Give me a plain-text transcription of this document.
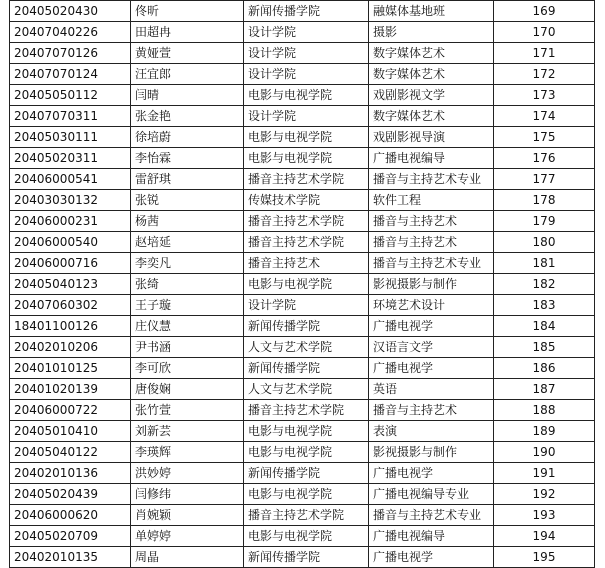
20405020430	佟昕	新闻传播学院	融媒体基地班	169
20407040226	田超冉	设计学院	摄影	170
20407070126	黄娅萱	设计学院	数字媒体艺术	171
20407070124	汪宜郎	设计学院	数字媒体艺术	172
20405050112	闫晴	电影与电视学院	戏剧影视文学	173
20407070311	张金艳	设计学院	数字媒体艺术	174
20405030111	徐培蔚	电影与电视学院	戏剧影视导演	175
20405020311	李怡霖	电影与电视学院	广播电视编导	176
20406000541	雷舒琪	播音主持艺术学院	播音与主持艺术专业	177
20403030132	张锐	传媒技术学院	软件工程	178
20406000231	杨茜	播音主持艺术学院	播音与主持艺术	179
20406000540	赵培延	播音主持艺术学院	播音与主持艺术	180
20406000716	李奕凡	播音主持艺术	播音与主持艺术专业	181
20405040123	张绮	电影与电视学院	影视摄影与制作	182
20407060302	王子璇	设计学院	环境艺术设计	183
18401100126	庄仪慧	新闻传播学院	广播电视学	184
20402010206	尹书涵	人文与艺术学院	汉语言文学	185
20401010125	李可欣	新闻传播学院	广播电视学	186
20401020139	唐俊娴	人文与艺术学院	英语	187
20406000722	张竹萱	播音主持艺术学院	播音与主持艺术	188
20405010410	刘新芸	电影与电视学院	表演	189
20405040122	李瑛辉	电影与电视学院	影视摄影与制作	190
20402010136	洪妙婷	新闻传播学院	广播电视学	191
20405020439	闫修纬	电影与电视学院	广播电视编导专业	192
20406000620	肖婉颖	播音主持艺术学院	播音与主持艺术专业	193
20405020709	单婷婷	电影与电视学院	广播电视编导	194
20402010135	周晶	新闻传播学院	广播电视学	195
